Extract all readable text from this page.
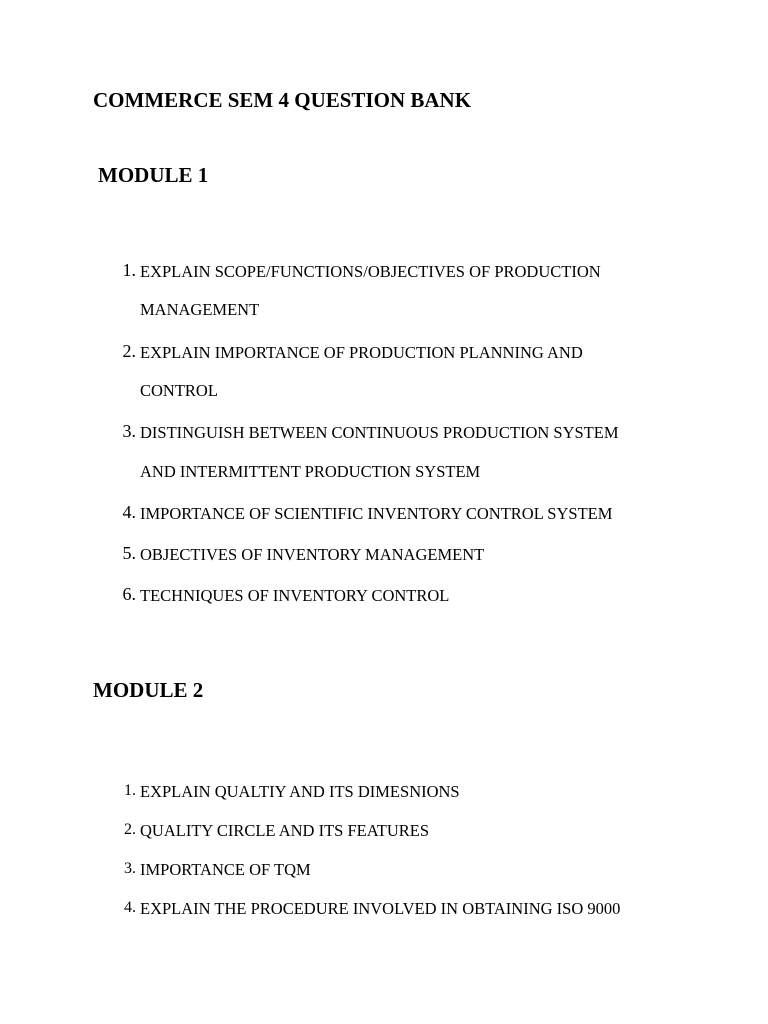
COMMERCE SEM 4 QUESTION BANK
MODULE 1
1. EXPLAIN SCOPE/FUNCTIONS/OBJECTIVES OF PRODUCTION
MANAGEMENT
2. EXPLAIN IMPORTANCE OF PRODUCTION PLANNING AND
CONTROL
3. DISTINGUISH BETWEEN CONTINUOUS PRODUCTION SYSTEM
AND INTERMITTENT PRODUCTION SYSTEM
4. IMPORTANCE OF SCIENTIFIC INVENTORY CONTROL SYSTEM
5. OBJECTIVES OF INVENTORY MANAGEMENT
6. TECHNIQUES OF INVENTORY CONTROL
MODULE 2
1. EXPLAIN QUALTIY AND ITS DIMESNIONS
2. QUALITY CIRCLE AND ITS FEATURES
3. IMPORTANCE OF TQM
4. EXPLAIN THE PROCEDURE INVOLVED IN OBTAINING ISO 9000
